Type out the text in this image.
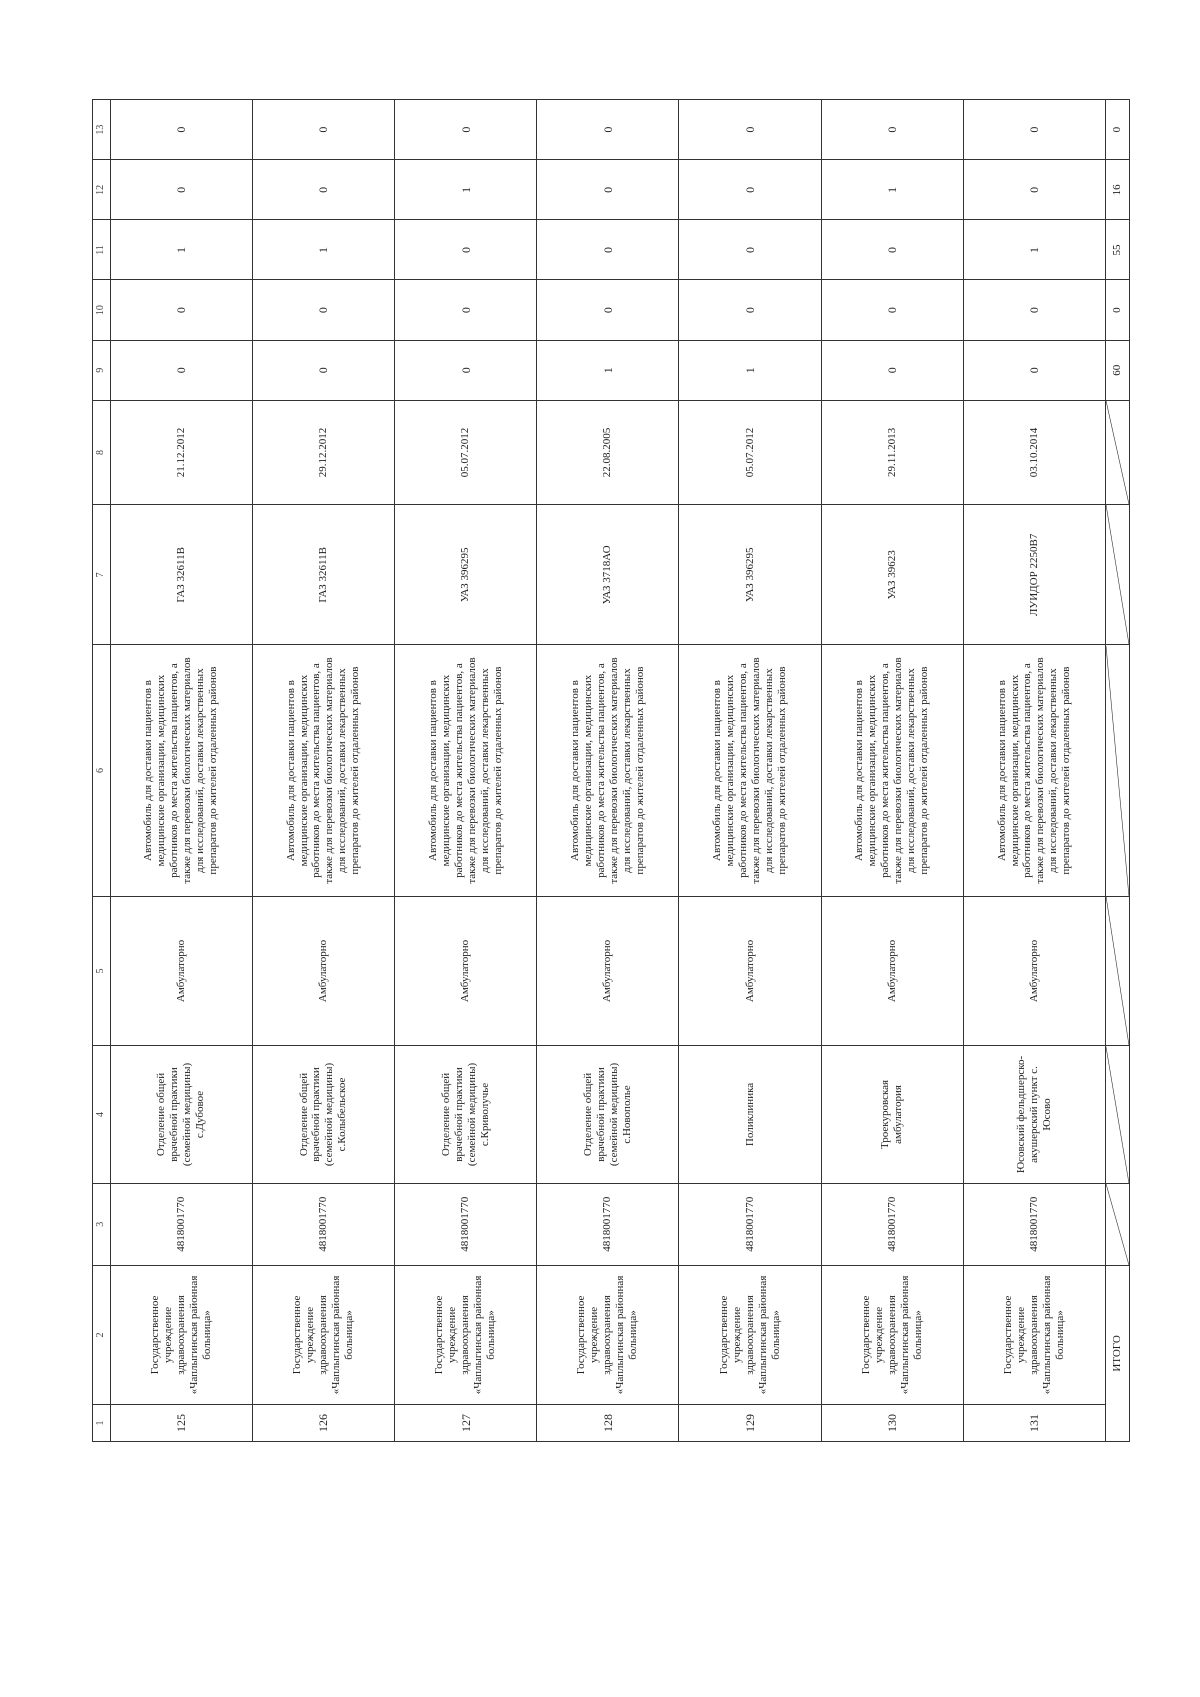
1	2	3	4	5	6	7	8	9	10	11	12	13
125	Государственное учреждение здравоохранения «Чаплыгинская районная больница»	4818001770	Отделение общей врачебной практики (семейной медицины) с.Дубовое	Амбулаторно	Автомобиль для доставки пациентов в медицинские организации, медицинских работников до места жительства пациентов, а также для перевозки биологических материалов для исследований, доставки лекарственных препаратов до жителей отдаленных районов	ГАЗ 32611В	21.12.2012	0	0	1	0	0
126	Государственное учреждение здравоохранения «Чаплыгинская районная больница»	4818001770	Отделение общей врачебной практики (семейной медицины) с.Колыбельское	Амбулаторно	Автомобиль для доставки пациентов в медицинские организации, медицинских работников до места жительства пациентов, а также для перевозки биологических материалов для исследований, доставки лекарственных препаратов до жителей отдаленных районов	ГАЗ 32611В	29.12.2012	0	0	1	0	0
127	Государственное учреждение здравоохранения «Чаплыгинская районная больница»	4818001770	Отделение общей врачебной практики (семейной медицины) с.Криволучье	Амбулаторно	Автомобиль для доставки пациентов в медицинские организации, медицинских работников до места жительства пациентов, а также для перевозки биологических материалов для исследований, доставки лекарственных препаратов до жителей отдаленных районов	УАЗ 396295	05.07.2012	0	0	0	1	0
128	Государственное учреждение здравоохранения «Чаплыгинская районная больница»	4818001770	Отделение общей врачебной практики (семейной медицины) с.Новополье	Амбулаторно	Автомобиль для доставки пациентов в медицинские организации, медицинских работников до места жительства пациентов, а также для перевозки биологических материалов для исследований, доставки лекарственных препаратов до жителей отдаленных районов	УАЗ 3718АО	22.08.2005	1	0	0	0	0
129	Государственное учреждение здравоохранения «Чаплыгинская районная больница»	4818001770	Поликлиника	Амбулаторно	Автомобиль для доставки пациентов в медицинские организации, медицинских работников до места жительства пациентов, а также для перевозки биологических материалов для исследований, доставки лекарственных препаратов до жителей отдаленных районов	УАЗ 396295	05.07.2012	1	0	0	0	0
130	Государственное учреждение здравоохранения «Чаплыгинская районная больница»	4818001770	Троекуровская амбулатория	Амбулаторно	Автомобиль для доставки пациентов в медицинские организации, медицинских работников до места жительства пациентов, а также для перевозки биологических материалов для исследований, доставки лекарственных препаратов до жителей отдаленных районов	УАЗ 39623	29.11.2013	0	0	0	1	0
131	Государственное учреждение здравоохранения «Чаплыгинская районная больница»	4818001770	Юсовский фельдшерско-акушерский пункт с. Юсово	Амбулаторно	Автомобиль для доставки пациентов в медицинские организации, медицинских работников до места жительства пациентов, а также для перевозки биологических материалов для исследований, доставки лекарственных препаратов до жителей отдаленных районов	ЛУИДОР 2250В7	03.10.2014	0	0	1	0	0
ИТОГО								60	0	55	16	0
